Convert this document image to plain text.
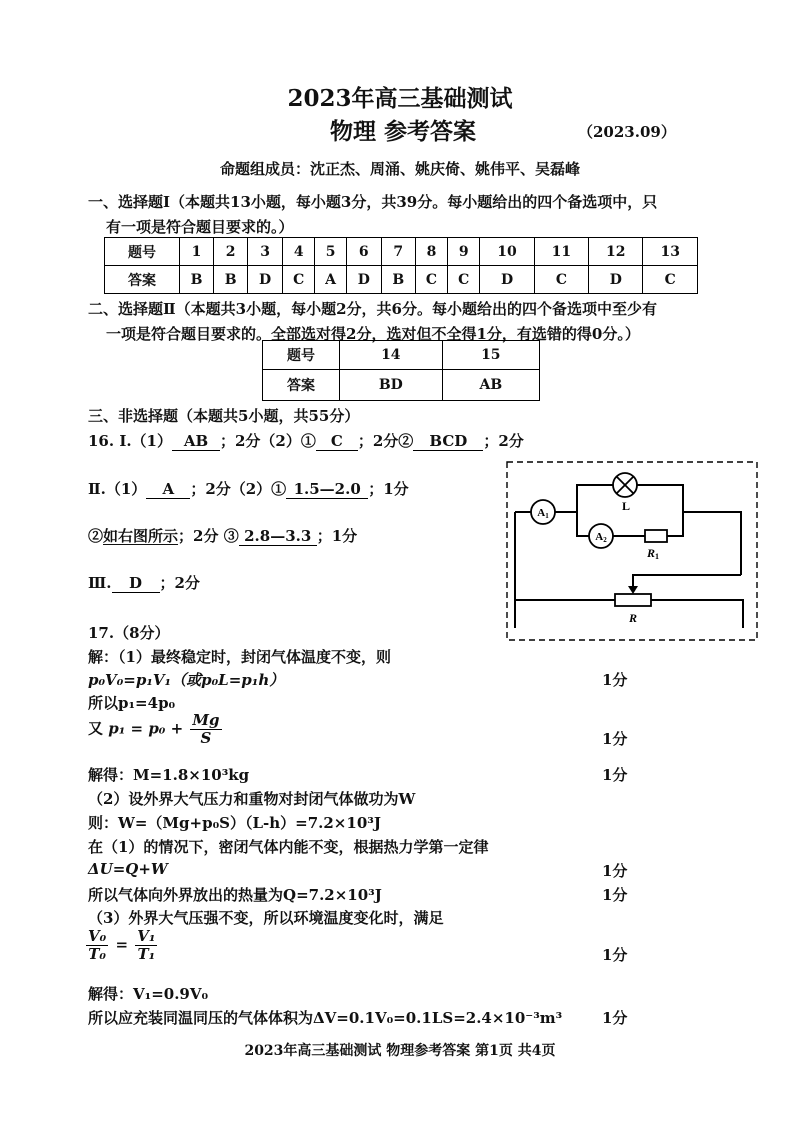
2023年高三基础测试
物理 参考答案	（2023.09）
命题组成员：沈正杰、周涌、姚庆倚、姚伟平、吴磊峰
一、选择题Ⅰ（本题共13小题，每小题3分，共39分。每小题给出的四个备选项中，只
有一项是符合题目要求的。）
题号	1	2	3	4	5	6	7	8	9	10	11	12	13
答案	B	B	D	C	A	D	B	C	C	D	C	D	C
二、选择题Ⅱ（本题共3小题，每小题2分，共6分。每小题给出的四个备选项中至少有
一项是符合题目要求的。全部选对得2分，选对但不全得1分，有选错的得0分。）
题号	14	15
答案	BD	AB
三、非选择题（本题共5小题，共55分）
16. Ⅰ.（1） AB ；2分（2）① C ；2分② BCD ；2分
Ⅱ.（1） A ；2分（2）① 1.5—2.0 ；1分
②如右图所示；2分 ③ 2.8—3.3 ；1分
Ⅲ. D ；2分
A1
L
A2
R1
R
17.（8分）
解：（1）最终稳定时，封闭气体温度不变，则
p₀V₀=p₁V₁（或p₀L=p₁h）	1分
所以p₁=4p₀
又 $p_1 = p_0 + \frac{Mg}{S}$	1分
解得：M=1.8×10³kg	1分
（2）设外界大气压力和重物对封闭气体做功为W
则：W=（Mg+p₀S）（L-h）=7.2×10³J
在（1）的情况下，密闭气体内能不变，根据热力学第一定律
ΔU=Q+W	1分
所以气体向外界放出的热量为Q=7.2×10³J	1分
（3）外界大气压强不变，所以环境温度变化时，满足
$\frac{\text{V₀}}{\text{T₀}} = \frac{\text{V₁}}{\text{T₁}}$	1分
解得：V₁=0.9V₀
所以应充装同温同压的气体体积为ΔV=0.1V₀=0.1LS=2.4×10⁻³m³	1分
2023年高三基础测试 物理参考答案 第1页 共4页
